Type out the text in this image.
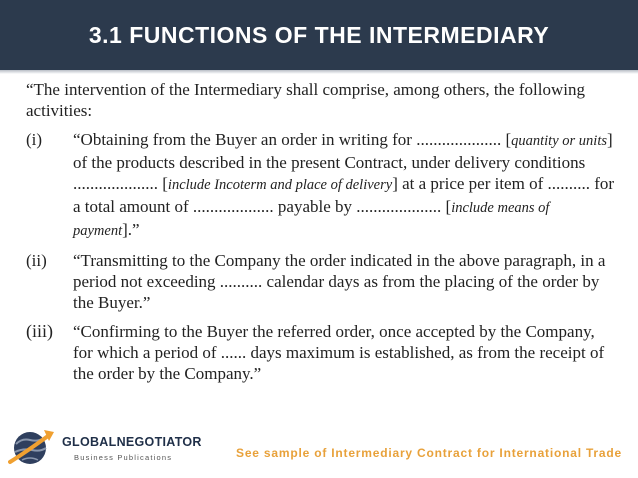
3.1 FUNCTIONS OF THE INTERMEDIARY

“The intervention of the Intermediary shall comprise, among others, the following activities:

(i)	“Obtaining from the Buyer an order in writing for .................... [quantity or units] of the products described in the present Contract, under delivery conditions .................... [include Incoterm and place of delivery] at a price per item of .......... for a total amount of ................... payable by .................... [include means of payment].”
(ii)	“Transmitting to the Company the order indicated in the above paragraph, in a period not exceeding .......... calendar days as from the placing of the order by the Buyer.”
(iii)	“Confirming to the Buyer the referred order, once accepted by the Company, for which a period of ...... days maximum is established, as from the receipt of the order by the Company.”
GLOBALNEGOTIATOR
Business Publications	See sample of Intermediary Contract for International Trade
